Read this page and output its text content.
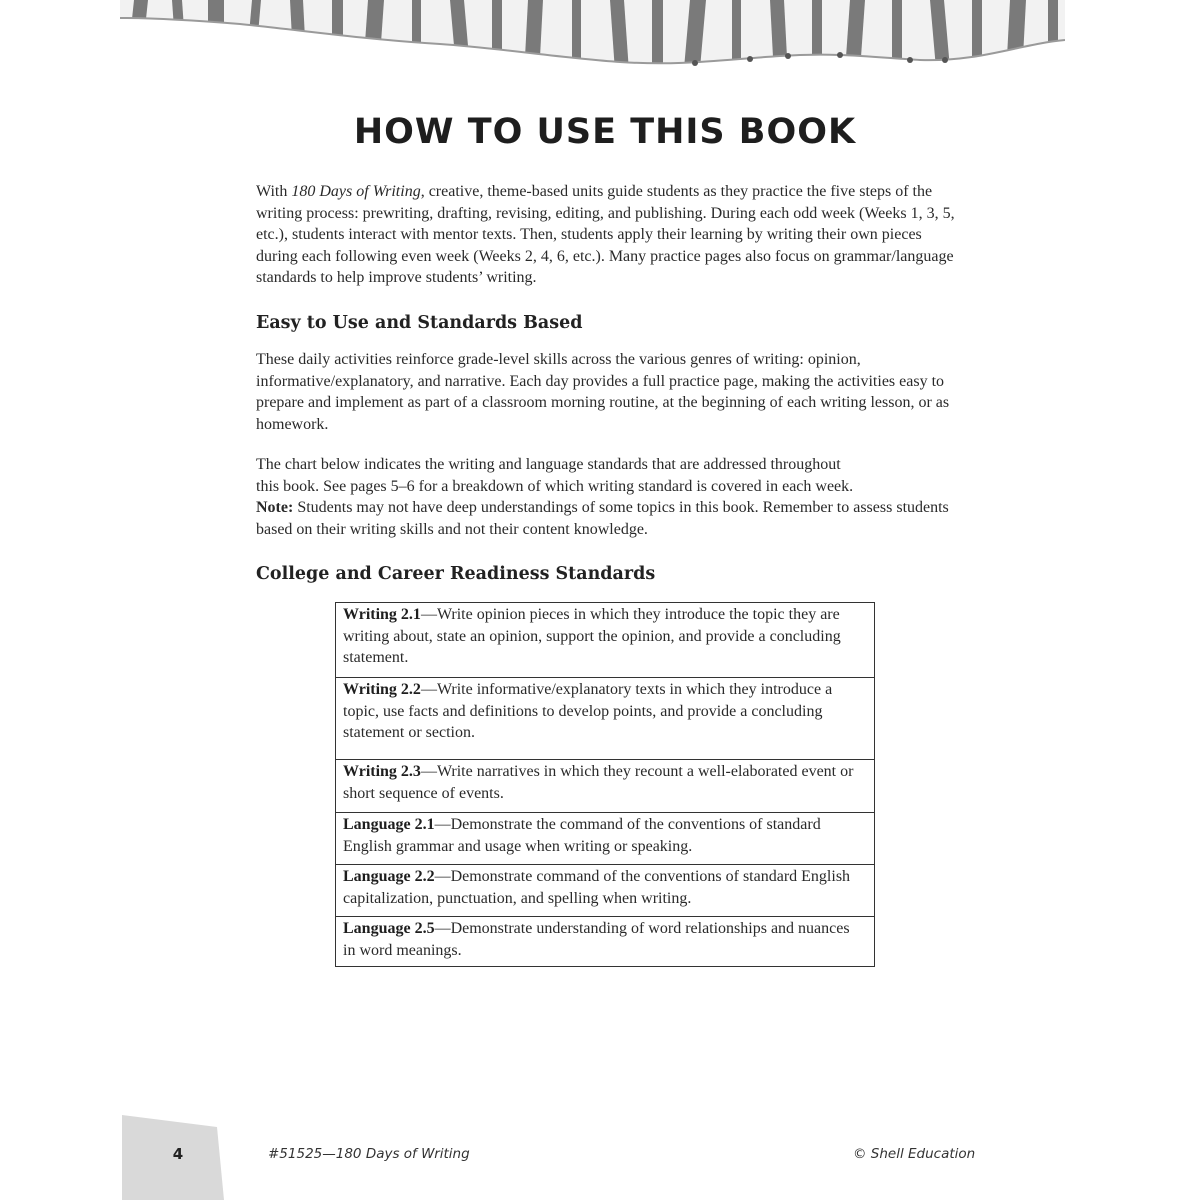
HOW TO USE THIS BOOK

With 180 Days of Writing, creative, theme-based units guide students as they practice the five steps of the writing process: prewriting, drafting, revising, editing, and publishing. During each odd week (Weeks 1, 3, 5, etc.), students interact with mentor texts. Then, students apply their learning by writing their own pieces during each following even week (Weeks 2, 4, 6, etc.). Many practice pages also focus on grammar/language standards to help improve students’ writing.

Easy to Use and Standards Based

These daily activities reinforce grade-level skills across the various genres of writing: opinion, informative/explanatory, and narrative. Each day provides a full practice page, making the activities easy to prepare and implement as part of a classroom morning routine, at the beginning of each writing lesson, or as homework.

The chart below indicates the writing and language standards that are addressed throughout
this book. See pages 5–6 for a breakdown of which writing standard is covered in each week.
Note: Students may not have deep understandings of some topics in this book. Remember to assess students based on their writing skills and not their content knowledge.

College and Career Readiness Standards
Writing 2.1—Write opinion pieces in which they introduce the topic they are writing about, state an opinion, support the opinion, and provide a concluding statement.
Writing 2.2—Write informative/explanatory texts in which they introduce a topic, use facts and definitions to develop points, and provide a concluding statement or section.
Writing 2.3—Write narratives in which they recount a well-elaborated event or short sequence of events.
Language 2.1—Demonstrate the command of the conventions of standard English grammar and usage when writing or speaking.
Language 2.2—Demonstrate command of the conventions of standard English capitalization, punctuation, and spelling when writing.
Language 2.5—Demonstrate understanding of word relationships and nuances in word meanings.
4	#51525—180 Days of Writing	© Shell Education
